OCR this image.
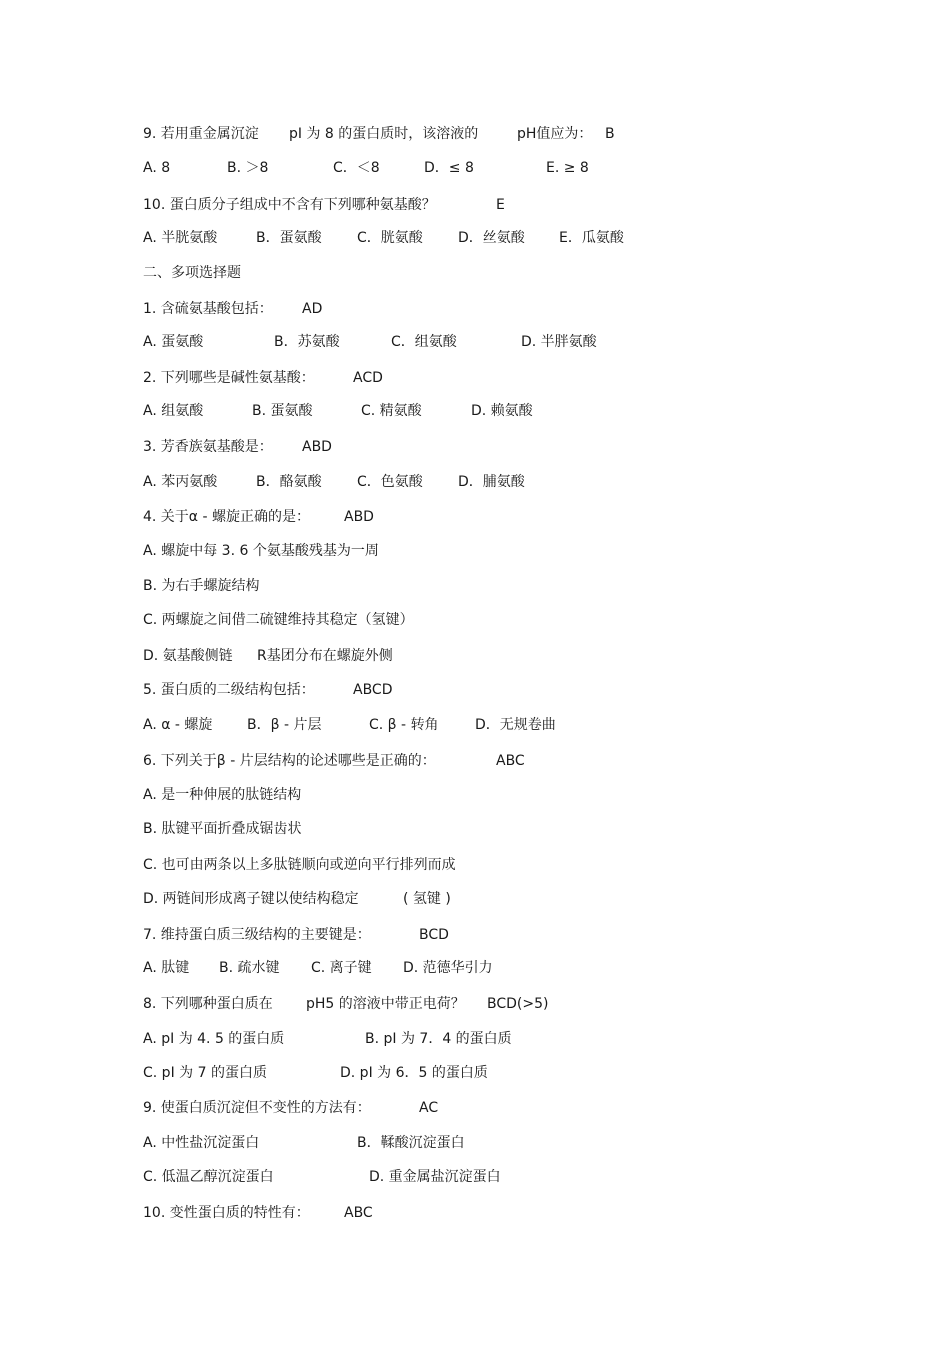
9. 若用重金属沉淀 pI 为 8 的蛋白质时，该溶液的	pH值应为： B
A. 8	B. ＞8	C．＜8	D．≤ 8	E. ≥ 8
10. 蛋白质分子组成中不含有下列哪种氨基酸？	E
A. 半胱氨酸	B．蛋氨酸	C．胱氨酸	D．丝氨酸 E．瓜氨酸
二、多项选择题
1. 含硫氨基酸包括： AD
A. 蛋氨酸	B．苏氨酸	C．组氨酸	D. 半胖氨酸
2. 下列哪些是碱性氨基酸：	ACD
A. 组氨酸	B. 蛋氨酸	C. 精氨酸	D. 赖氨酸
3. 芳香族氨基酸是： ABD
A. 苯丙氨酸	B．酪氨酸	C．色氨酸	D．脯氨酸
4. 关于α - 螺旋正确的是： ABD
A. 螺旋中每 3. 6 个氨基酸残基为一周
B. 为右手螺旋结构
C. 两螺旋之间借二硫键维持其稳定（氢键）
D. 氨基酸侧链 R基团分布在螺旋外侧
5. 蛋白质的二级结构包括：	ABCD
A. α - 螺旋 B．β - 片层	C. β - 转角	D．无规卷曲
6. 下列关于β - 片层结构的论述哪些是正确的：	ABC
A. 是一种伸展的肽链结构
B. 肽键平面折叠成锯齿状
C. 也可由两条以上多肽链顺向或逆向平行排列而成
D. 两链间形成离子键以使结构稳定	( 氢键 )
7. 维持蛋白质三级结构的主要键是：	BCD
A. 肽键 B. 疏水键 C. 离子键 D. 范德华引力
8. 下列哪种蛋白质在 pH5 的溶液中带正电荷？ BCD(>5)
A. pI 为 4. 5 的蛋白质	B. pI 为 7．4 的蛋白质
C. pI 为 7 的蛋白质	D. pI 为 6．5 的蛋白质
9. 使蛋白质沉淀但不变性的方法有：	AC
A. 中性盐沉淀蛋白	B．鞣酸沉淀蛋白
C. 低温乙醇沉淀蛋白	D. 重金属盐沉淀蛋白
10. 变性蛋白质的特性有： ABC
